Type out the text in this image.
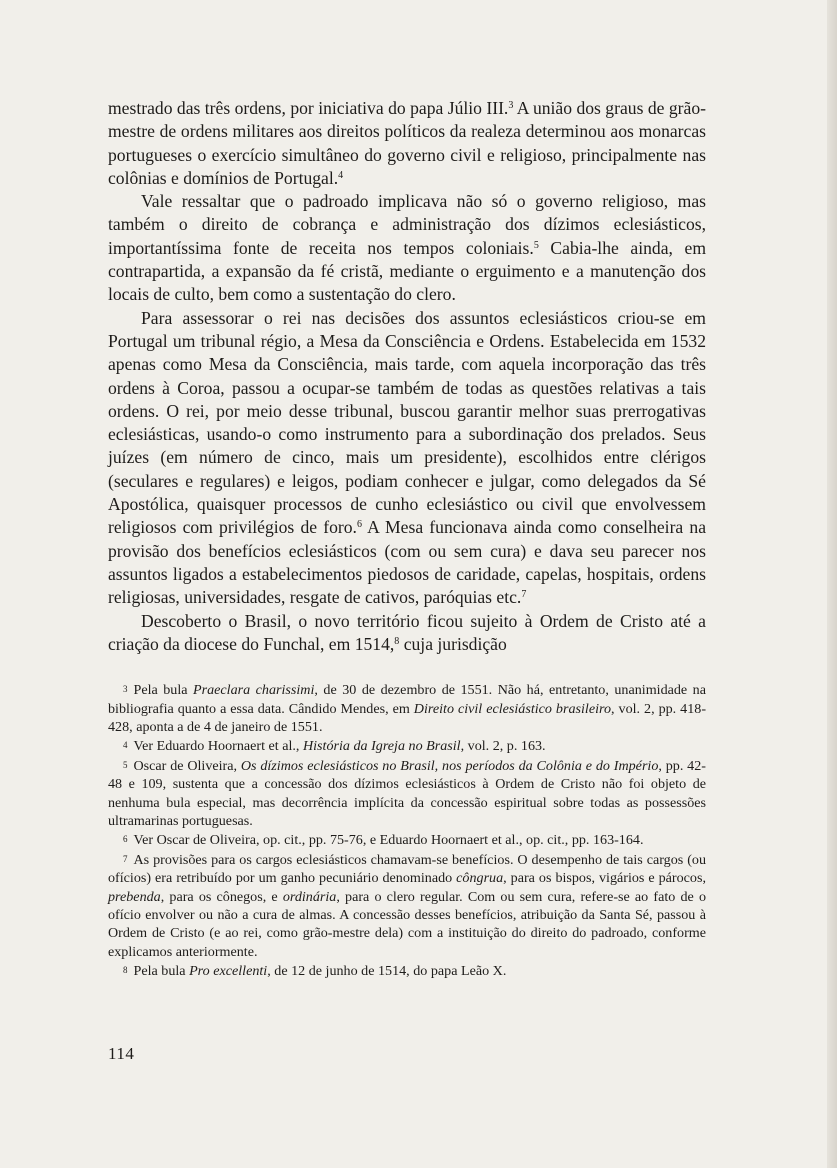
mestrado das três ordens, por iniciativa do papa Júlio III.$^3$ A união dos graus de grão-mestre de ordens militares aos direitos políticos da realeza determinou aos monarcas portugueses o exercício simultâneo do governo civil e religioso, principalmente nas colônias e domínios de Portugal.$^4$

Vale ressaltar que o padroado implicava não só o governo religioso, mas também o direito de cobrança e administração dos dízimos eclesiásticos, importantíssima fonte de receita nos tempos coloniais.$^5$ Cabia-lhe ainda, em contrapartida, a expansão da fé cristã, mediante o erguimento e a manutenção dos locais de culto, bem como a sustentação do clero.

Para assessorar o rei nas decisões dos assuntos eclesiásticos criou-se em Portugal um tribunal régio, a Mesa da Consciência e Ordens. Estabelecida em 1532 apenas como Mesa da Consciência, mais tarde, com aquela incorporação das três ordens à Coroa, passou a ocupar-se também de todas as questões relativas a tais ordens. O rei, por meio desse tribunal, buscou garantir melhor suas prerrogativas eclesiásticas, usando-o como instrumento para a subordinação dos prelados. Seus juízes (em número de cinco, mais um presidente), escolhidos entre clérigos (seculares e regulares) e leigos, podiam conhecer e julgar, como delegados da Sé Apostólica, quaisquer processos de cunho eclesiástico ou civil que envolvessem religiosos com privilégios de foro.$^6$ A Mesa funcionava ainda como conselheira na provisão dos benefícios eclesiásticos (com ou sem cura) e dava seu parecer nos assuntos ligados a estabelecimentos piedosos de caridade, capelas, hospitais, ordens religiosas, universidades, resgate de cativos, paróquias etc.$^7$

Descoberto o Brasil, o novo território ficou sujeito à Ordem de Cristo até a criação da diocese do Funchal, em 1514,$^8$ cuja jurisdição

3 Pela bula Praeclara charissimi, de 30 de dezembro de 1551. Não há, entretanto, unanimidade na bibliografia quanto a essa data. Cândido Mendes, em Direito civil eclesiástico brasileiro, vol. 2, pp. 418-428, aponta a de 4 de janeiro de 1551.

4 Ver Eduardo Hoornaert et al., História da Igreja no Brasil, vol. 2, p. 163.

5 Oscar de Oliveira, Os dízimos eclesiásticos no Brasil, nos períodos da Colônia e do Império, pp. 42-48 e 109, sustenta que a concessão dos dízimos eclesiásticos à Ordem de Cristo não foi objeto de nenhuma bula especial, mas decorrência implícita da concessão espiritual sobre todas as possessões ultramarinas portuguesas.

6 Ver Oscar de Oliveira, op. cit., pp. 75-76, e Eduardo Hoornaert et al., op. cit., pp. 163-164.

7 As provisões para os cargos eclesiásticos chamavam-se benefícios. O desempenho de tais cargos (ou ofícios) era retribuído por um ganho pecuniário denominado côngrua, para os bispos, vigários e párocos, prebenda, para os cônegos, e ordinária, para o clero regular. Com ou sem cura, refere-se ao fato de o ofício envolver ou não a cura de almas. A concessão desses benefícios, atribuição da Santa Sé, passou à Ordem de Cristo (e ao rei, como grão-mestre dela) com a instituição do direito do padroado, conforme explicamos anteriormente.

8 Pela bula Pro excellenti, de 12 de junho de 1514, do papa Leão X.

114
